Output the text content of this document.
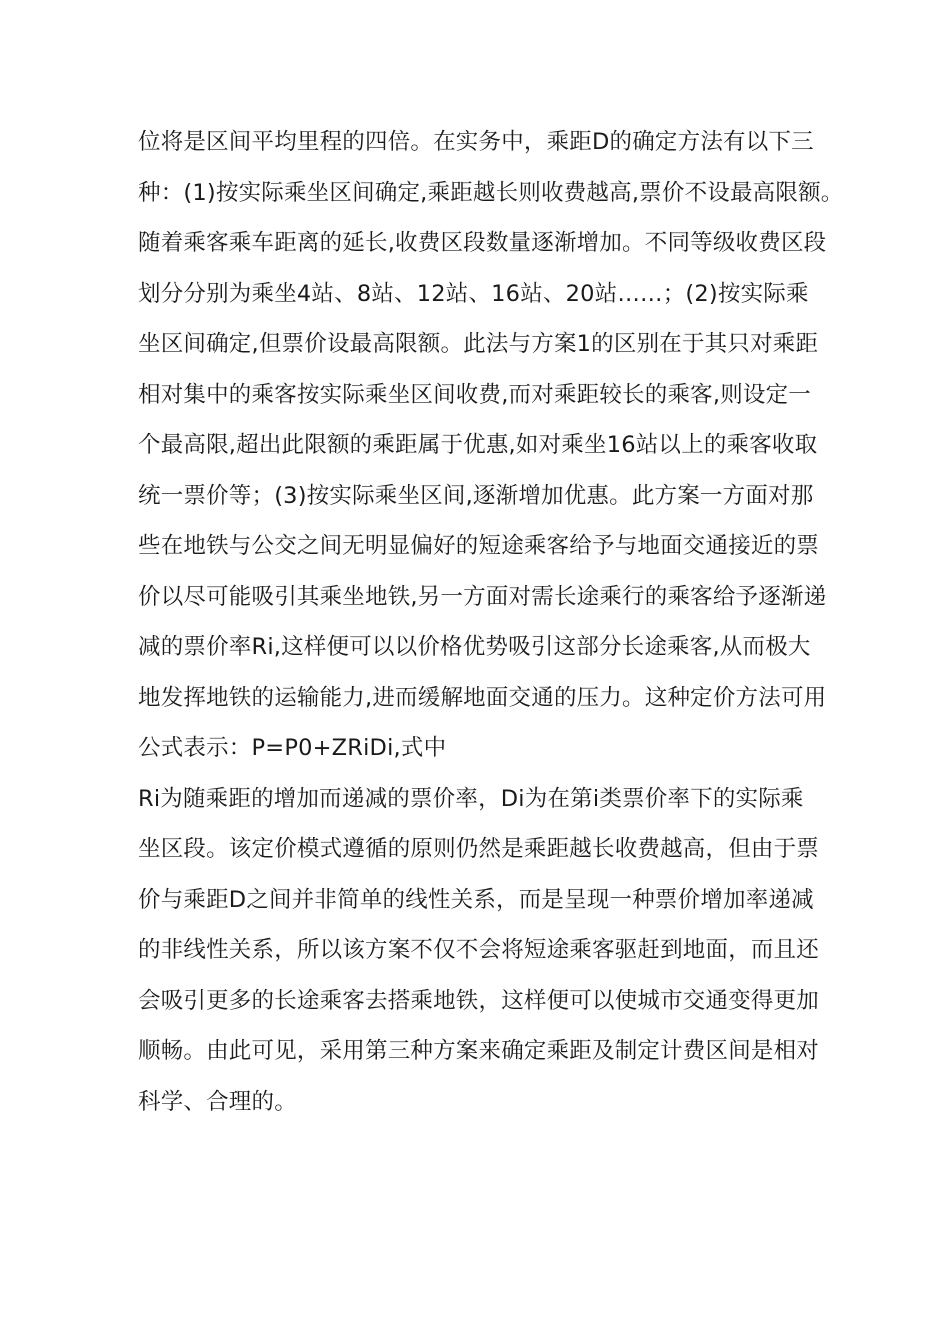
位将是区间平均里程的四倍。在实务中，乘距D的确定方法有以下三
种：(1)按实际乘坐区间确定,乘距越长则收费越高,票价不设最高限额。
随着乘客乘车距离的延长,收费区段数量逐渐增加。不同等级收费区段
划分分别为乘坐4站、8站、12站、16站、20站……；(2)按实际乘
坐区间确定,但票价设最高限额。此法与方案1的区别在于其只对乘距
相对集中的乘客按实际乘坐区间收费,而对乘距较长的乘客,则设定一
个最高限,超出此限额的乘距属于优惠,如对乘坐16站以上的乘客收取
统一票价等；(3)按实际乘坐区间,逐渐增加优惠。此方案一方面对那
些在地铁与公交之间无明显偏好的短途乘客给予与地面交通接近的票
价以尽可能吸引其乘坐地铁,另一方面对需长途乘行的乘客给予逐渐递
减的票价率Ri,这样便可以以价格优势吸引这部分长途乘客,从而极大
地发挥地铁的运输能力,进而缓解地面交通的压力。这种定价方法可用
公式表示：P=P0+ZRiDi,式中
Ri为随乘距的增加而递减的票价率，Di为在第i类票价率下的实际乘
坐区段。该定价模式遵循的原则仍然是乘距越长收费越高，但由于票
价与乘距D之间并非简单的线性关系，而是呈现一种票价增加率递减
的非线性关系，所以该方案不仅不会将短途乘客驱赶到地面，而且还
会吸引更多的长途乘客去搭乘地铁，这样便可以使城市交通变得更加
顺畅。由此可见，采用第三种方案来确定乘距及制定计费区间是相对
科学、合理的。
